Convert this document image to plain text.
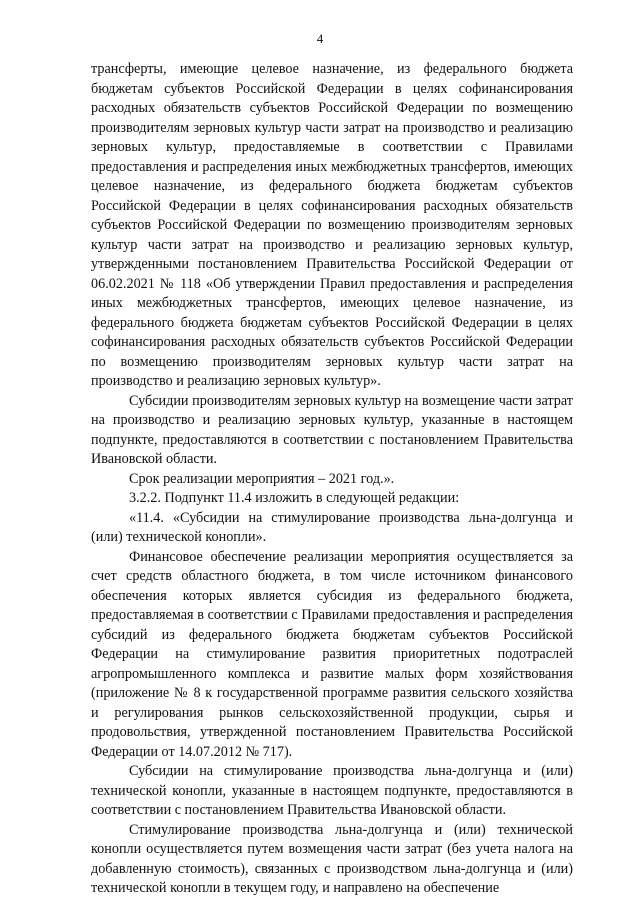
4

трансферты, имеющие целевое назначение, из федерального бюджета бюджетам субъектов Российской Федерации в целях софинансирования расходных обязательств субъектов Российской Федерации по возмещению производителям зерновых культур части затрат на производство и реализацию зерновых культур, предоставляемые в соответствии с Правилами предоставления и распределения иных межбюджетных трансфертов, имеющих целевое назначение, из федерального бюджета бюджетам субъектов Российской Федерации в целях софинансирования расходных обязательств субъектов Российской Федерации по возмещению производителям зерновых культур части затрат на производство и реализацию зерновых культур, утвержденными постановлением Правительства Российской Федерации от 06.02.2021 № 118 «Об утверждении Правил предоставления и распределения иных межбюджетных трансфертов, имеющих целевое назначение, из федерального бюджета бюджетам субъектов Российской Федерации в целях софинансирования расходных обязательств субъектов Российской Федерации по возмещению производителям зерновых культур части затрат на производство и реализацию зерновых культур».

Субсидии производителям зерновых культур на возмещение части затрат на производство и реализацию зерновых культур, указанные в настоящем подпункте, предоставляются в соответствии с постановлением Правительства Ивановской области.

Срок реализации мероприятия – 2021 год.».

3.2.2. Подпункт 11.4 изложить в следующей редакции:

«11.4. «Субсидии на стимулирование производства льна-долгунца и (или) технической конопли».

Финансовое обеспечение реализации мероприятия осуществляется за счет средств областного бюджета, в том числе источником финансового обеспечения которых является субсидия из федерального бюджета, предоставляемая в соответствии с Правилами предоставления и распределения субсидий из федерального бюджета бюджетам субъектов Российской Федерации на стимулирование развития приоритетных подотраслей агропромышленного комплекса и развитие малых форм хозяйствования (приложение № 8 к государственной программе развития сельского хозяйства и регулирования рынков сельскохозяйственной продукции, сырья и продовольствия, утвержденной постановлением Правительства Российской Федерации от 14.07.2012 № 717).

Субсидии на стимулирование производства льна-долгунца и (или) технической конопли, указанные в настоящем подпункте, предоставляются в соответствии с постановлением Правительства Ивановской области.

Стимулирование производства льна-долгунца и (или) технической конопли осуществляется путем возмещения части затрат (без учета налога на добавленную стоимость), связанных с производством льна-долгунца и (или) технической конопли в текущем году, и направлено на обеспечение
